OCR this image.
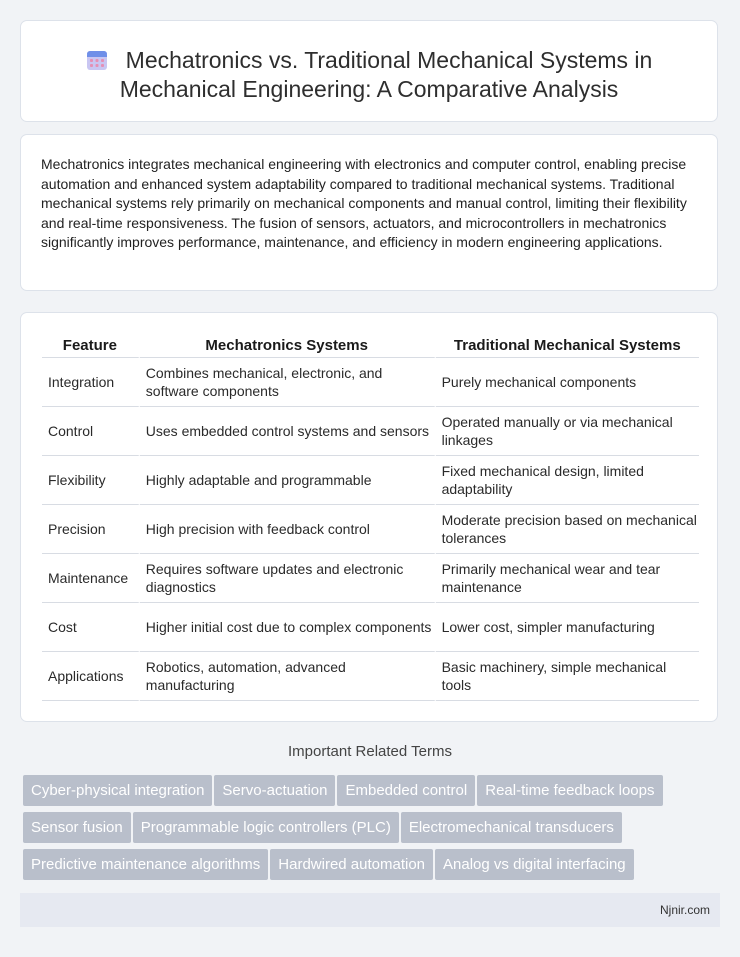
Mechatronics vs. Traditional Mechanical Systems in
Mechanical Engineering: A Comparative Analysis
Mechatronics integrates mechanical engineering with electronics and computer control, enabling precise automation and enhanced system adaptability compared to traditional mechanical systems. Traditional mechanical systems rely primarily on mechanical components and manual control, limiting their flexibility and real-time responsiveness. The fusion of sensors, actuators, and microcontrollers in mechatronics significantly improves performance, maintenance, and efficiency in modern engineering applications.
Feature	Mechatronics Systems	Traditional Mechanical Systems
Integration	Combines mechanical, electronic, and software components	Purely mechanical components
Control	Uses embedded control systems and sensors	Operated manually or via mechanical linkages
Flexibility	Highly adaptable and programmable	Fixed mechanical design, limited adaptability
Precision	High precision with feedback control	Moderate precision based on mechanical tolerances
Maintenance	Requires software updates and electronic diagnostics	Primarily mechanical wear and tear maintenance
Cost	Higher initial cost due to complex components	Lower cost, simpler manufacturing
Applications	Robotics, automation, advanced manufacturing	Basic machinery, simple mechanical tools
Important Related Terms
Cyber-physical integration Servo-actuation Embedded control Real-time feedback loops
Sensor fusion Programmable logic controllers (PLC) Electromechanical transducers
Predictive maintenance algorithms Hardwired automation Analog vs digital interfacing
Njnir.com
